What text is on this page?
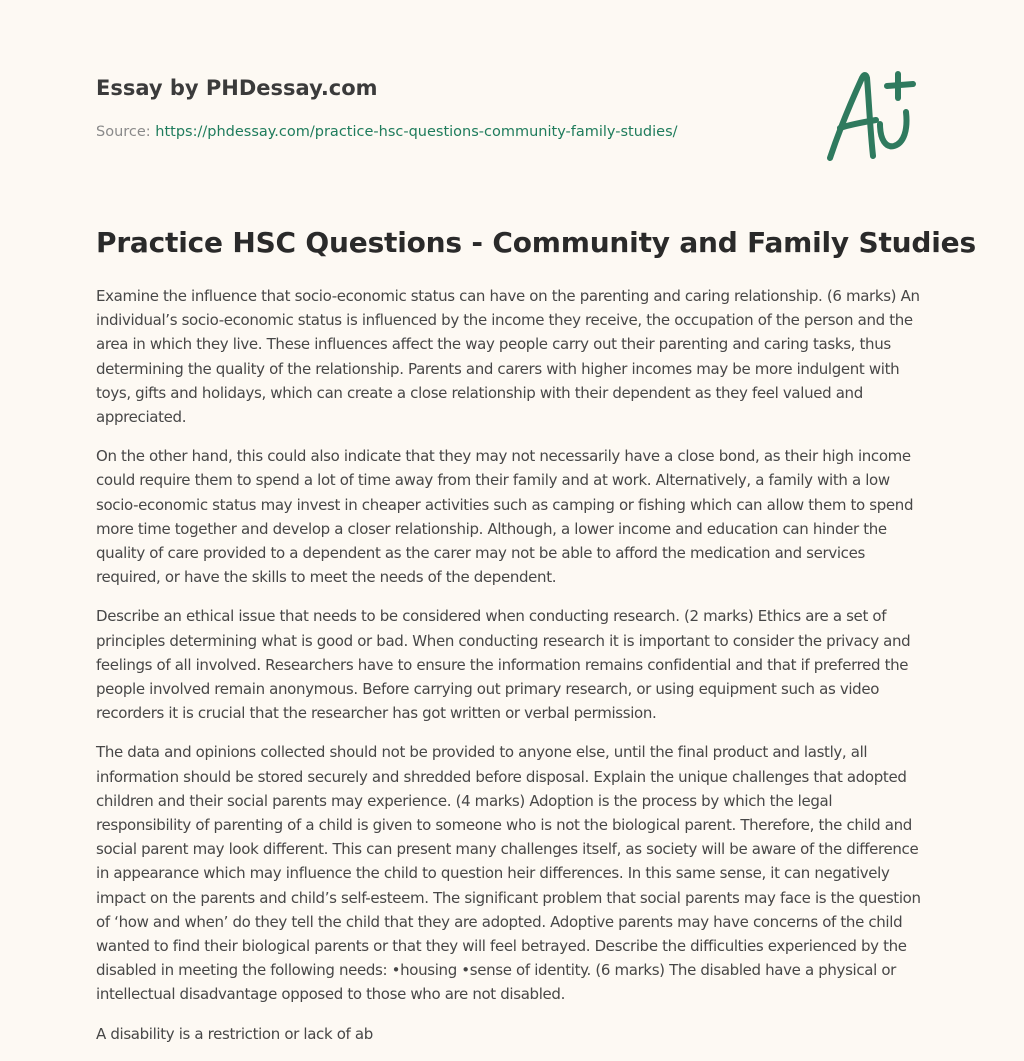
Essay by PHDessay.com
Source: https://phdessay.com/practice-hsc-questions-community-family-studies/
Practice HSC Questions - Community and Family Studies

Examine the influence that socio-economic status can have on the parenting and caring relationship. (6 marks) An individual’s socio-economic status is influenced by the income they receive, the occupation of the person and the area in which they live. These influences affect the way people carry out their parenting and caring tasks, thus determining the quality of the relationship. Parents and carers with higher incomes may be more indulgent with toys, gifts and holidays, which can create a close relationship with their dependent as they feel valued and appreciated.

On the other hand, this could also indicate that they may not necessarily have a close bond, as their high income could require them to spend a lot of time away from their family and at work. Alternatively, a family with a low socio-economic status may invest in cheaper activities such as camping or fishing which can allow them to spend more time together and develop a closer relationship. Although, a lower income and education can hinder the quality of care provided to a dependent as the carer may not be able to afford the medication and services required, or have the skills to meet the needs of the dependent.

Describe an ethical issue that needs to be considered when conducting research. (2 marks) Ethics are a set of principles determining what is good or bad. When conducting research it is important to consider the privacy and feelings of all involved. Researchers have to ensure the information remains confidential and that if preferred the people involved remain anonymous. Before carrying out primary research, or using equipment such as video recorders it is crucial that the researcher has got written or verbal permission.

The data and opinions collected should not be provided to anyone else, until the final product and lastly, all information should be stored securely and shredded before disposal. Explain the unique challenges that adopted children and their social parents may experience. (4 marks) Adoption is the process by which the legal responsibility of parenting of a child is given to someone who is not the biological parent. Therefore, the child and social parent may look different. This can present many challenges itself, as society will be aware of the difference in appearance which may influence the child to question heir differences. In this same sense, it can negatively impact on the parents and child’s self-esteem. The significant problem that social parents may face is the question of ‘how and when’ do they tell the child that they are adopted. Adoptive parents may have concerns of the child wanted to find their biological parents or that they will feel betrayed. Describe the difficulties experienced by the disabled in meeting the following needs: •housing •sense of identity. (6 marks) The disabled have a physical or intellectual disadvantage opposed to those who are not disabled.

A disability is a restriction or lack of ab
